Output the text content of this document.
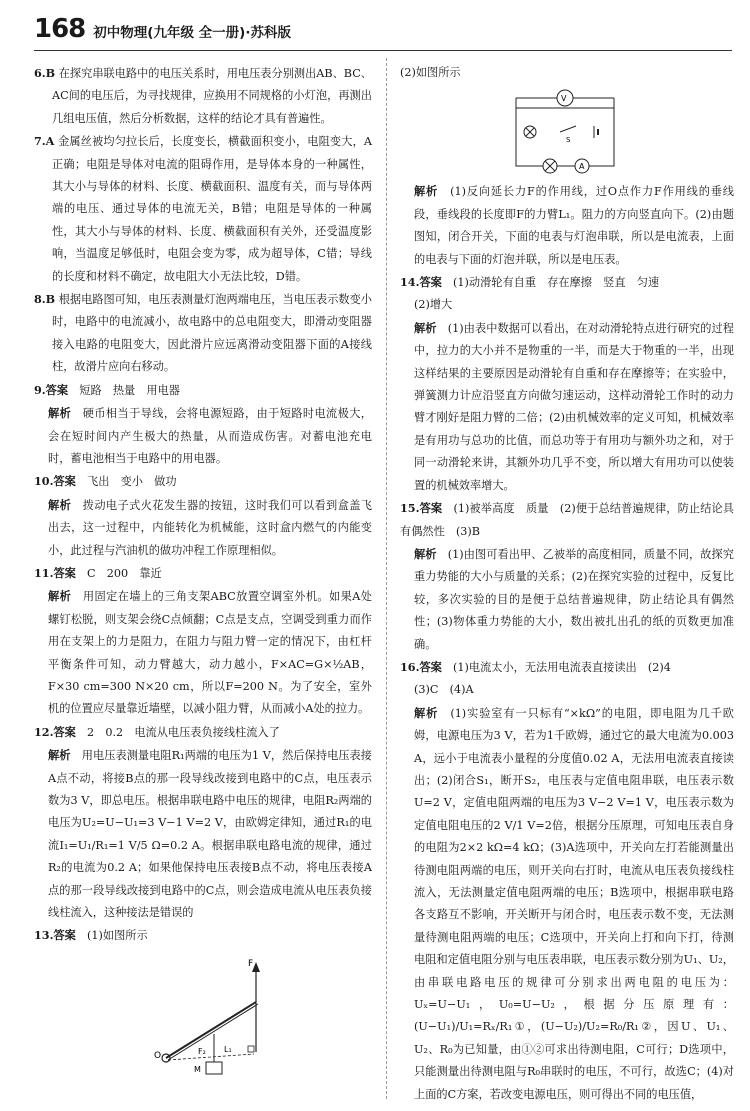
168 初中物理(九年级 全一册)·苏科版

6.B 在探究串联电路中的电压关系时，用电压表分别测出AB、BC、AC间的电压后，为寻找规律，应换用不同规格的小灯泡，再测出几组电压值，然后分析数据，这样的结论才具有普遍性。

7.A 金属丝被均匀拉长后，长度变长，横截面积变小，电阻变大，A正确；电阻是导体对电流的阻碍作用，是导体本身的一种属性，其大小与导体的材料、长度、横截面积、温度有关，而与导体两端的电压、通过导体的电流无关，B错；电阻是导体的一种属性，其大小与导体的材料、长度、横截面积有关外，还受温度影响，当温度足够低时，电阻会变为零，成为超导体，C错；导线的长度和材料不确定，故电阻大小无法比较，D错。

8.B 根据电路图可知，电压表测量灯泡两端电压，当电压表示数变小时，电路中的电流减小，故电路中的总电阻变大，即滑动变阻器接入电路的电阻变大，因此滑片应远离滑动变阻器下面的A接线柱，故滑片应向右移动。

9.答案　 短路　热量　用电器

解析　 硬币相当于导线，会将电源短路，由于短路时电流极大，会在短时间内产生极大的热量，从而造成伤害。对蓄电池充电时，蓄电池相当于电路中的用电器。

10.答案　 飞出　变小　做功

解析　 拨动电子式火花发生器的按钮，这时我们可以看到盒盖飞出去，这一过程中，内能转化为机械能，这时盒内燃气的内能变小，此过程与汽油机的做功冲程工作原理相似。

11.答案　 C　200　靠近

解析　 用固定在墙上的三角支架ABC放置空调室外机。如果A处螺钉松脱，则支架会绕C点倾翻；C点是支点，空调受到重力而作用在支架上的力是阻力，在阻力与阻力臂一定的情况下，由杠杆平衡条件可知，动力臂越大，动力越小，F×AC=G×½AB，F×30 cm=300 N×20 cm，所以F=200 N。为了安全，室外机的位置应尽量靠近墙壁，以减小阻力臂，从而减小A处的拉力。

12.答案　 2　0.2　电流从电压表负接线柱流入了

解析　 用电压表测量电阻R₁两端的电压为1 V，然后保持电压表接A点不动，将接B点的那一段导线改接到电路中的C点，电压表示数为3 V，即总电压。根据串联电路中电压的规律，电阻R₂两端的电压为U₂=U−U₁=3 V−1 V=2 V，由欧姆定律知，通过R₁的电流I₁=U₁/R₁=1 V/5 Ω=0.2 A。根据串联电路电流的规律，通过R₂的电流为0.2 A；如果他保持电压表接B点不动，将电压表接A点的那一段导线改接到电路中的C点，则会造成电流从电压表负接线柱流入，这种接法是错误的

13.答案　 (1)如图所示

F
O	F₂ L₁
M

(2)如图所示

V
S
A

解析　 (1)反向延长力F的作用线，过O点作力F作用线的垂线段，垂线段的长度即F的力臂L₁。阻力的方向竖直向下。(2)由题图知，闭合开关，下面的电表与灯泡串联，所以是电流表，上面的电表与下面的灯泡并联，所以是电压表。

14.答案　 (1)动滑轮有自重　存在摩擦　竖直　匀速

(2)增大

解析　 (1)由表中数据可以看出，在对动滑轮特点进行研究的过程中，拉力的大小并不是物重的一半，而是大于物重的一半，出现这样结果的主要原因是动滑轮有自重和存在摩擦等；在实验中，弹簧测力计应沿竖直方向做匀速运动，这样动滑轮工作时的动力臂才刚好是阻力臂的二倍；(2)由机械效率的定义可知，机械效率是有用功与总功的比值，而总功等于有用功与额外功之和，对于同一动滑轮来讲，其额外功几乎不变，所以增大有用功可以使装置的机械效率增大。

15.答案　 (1)被举高度　质量　(2)便于总结普遍规律，防止结论具有偶然性　(3)B

解析　 (1)由图可看出甲、乙被举的高度相同，质量不同，故探究重力势能的大小与质量的关系；(2)在探究实验的过程中，反复比较，多次实验的目的是便于总结普遍规律，防止结论具有偶然性；(3)物体重力势能的大小，数出被扎出孔的纸的页数更加准确。

16.答案　 (1)电流太小，无法用电流表直接读出　(2)4

(3)C　(4)A

解析　 (1)实验室有一只标有“×kΩ”的电阻，即电阻为几千欧姆，电源电压为3 V，若为1千欧姆，通过它的最大电流为0.003 A，远小于电流表小量程的分度值0.02 A，无法用电流表直接读出；(2)闭合S₁，断开S₂，电压表与定值电阻串联，电压表示数U=2 V，定值电阻两端的电压为3 V−2 V=1 V，电压表示数为定值电阻电压的2 V/1 V=2倍，根据分压原理，可知电压表自身的电阻为2×2 kΩ=4 kΩ；(3)A选项中，开关向左打若能测量出待测电阻两端的电压，则开关向右打时，电流从电压表负接线柱流入，无法测量定值电阻两端的电压；B选项中，根据串联电路各支路互不影响，开关断开与闭合时，电压表示数不变，无法测量待测电阻两端的电压；C选项中，开关向上打和向下打，待测电阻和定值电阻分别与电压表串联，电压表示数分别为U₁、U₂，由串联电路电压的规律可分别求出两电阻的电压为：Uₓ=U−U₁，U₀=U−U₂，根据分压原理有：(U−U₁)/U₁=Rₓ/R₁①，(U−U₂)/U₂=R₀/R₁②，因U、U₁、U₂、R₀为已知量，由①②可求出待测电阻，C可行；D选项中，只能测量出待测电阻与R₀串联时的电压，不可行，故选C；(4)对上面的C方案，若改变电源电压，则可得出不同的电压值，
